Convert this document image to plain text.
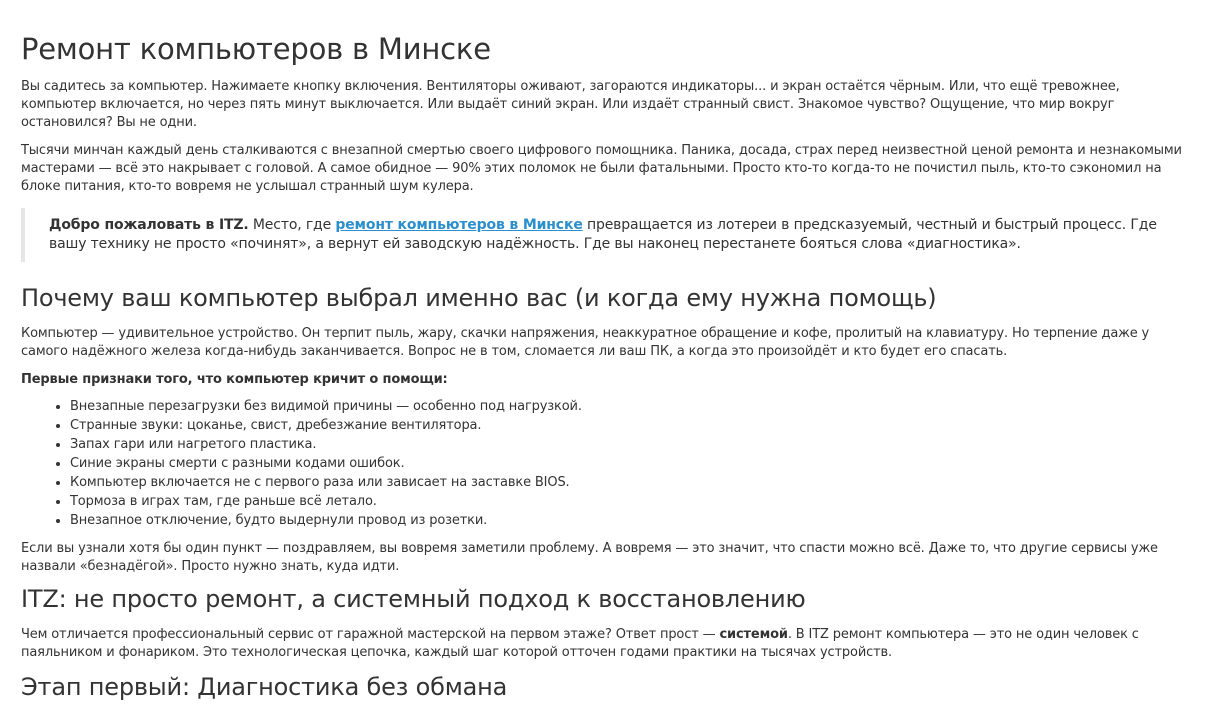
Ремонт компьютеров в Минске

Вы садитесь за компьютер. Нажимаете кнопку включения. Вентиляторы оживают, загораются индикаторы... и экран остаётся чёрным. Или, что ещё тревожнее, компьютер включается, но через пять минут выключается. Или выдаёт синий экран. Или издаёт странный свист. Знакомое чувство? Ощущение, что мир вокруг остановился? Вы не одни.

Тысячи минчан каждый день сталкиваются с внезапной смертью своего цифрового помощника. Паника, досада, страх перед неизвестной ценой ремонта и незнакомыми мастерами — всё это накрывает с головой. А самое обидное — 90% этих поломок не были фатальными. Просто кто-то когда-то не почистил пыль, кто-то сэкономил на блоке питания, кто-то вовремя не услышал странный шум кулера.

Добро пожаловать в ITZ. Место, где ремонт компьютеров в Минске превращается из лотереи в предсказуемый, честный и быстрый процесс. Где вашу технику не просто «починят», а вернут ей заводскую надёжность. Где вы наконец перестанете бояться слова «диагностика».

Почему ваш компьютер выбрал именно вас (и когда ему нужна помощь)

Компьютер — удивительное устройство. Он терпит пыль, жару, скачки напряжения, неаккуратное обращение и кофе, пролитый на клавиатуру. Но терпение даже у самого надёжного железа когда-нибудь заканчивается. Вопрос не в том, сломается ли ваш ПК, а когда это произойдёт и кто будет его спасать.

Первые признаки того, что компьютер кричит о помощи:

• Внезапные перезагрузки без видимой причины — особенно под нагрузкой.
• Странные звуки: цоканье, свист, дребезжание вентилятора.
• Запах гари или нагретого пластика.
• Синие экраны смерти с разными кодами ошибок.
• Компьютер включается не с первого раза или зависает на заставке BIOS.
• Тормоза в играх там, где раньше всё летало.
• Внезапное отключение, будто выдернули провод из розетки.

Если вы узнали хотя бы один пункт — поздравляем, вы вовремя заметили проблему. А вовремя — это значит, что спасти можно всё. Даже то, что другие сервисы уже назвали «безнадёгой». Просто нужно знать, куда идти.

ITZ: не просто ремонт, а системный подход к восстановлению

Чем отличается профессиональный сервис от гаражной мастерской на первом этаже? Ответ прост — системой. В ITZ ремонт компьютера — это не один человек с паяльником и фонариком. Это технологическая цепочка, каждый шаг которой отточен годами практики на тысячах устройств.

Этап первый: Диагностика без обмана
